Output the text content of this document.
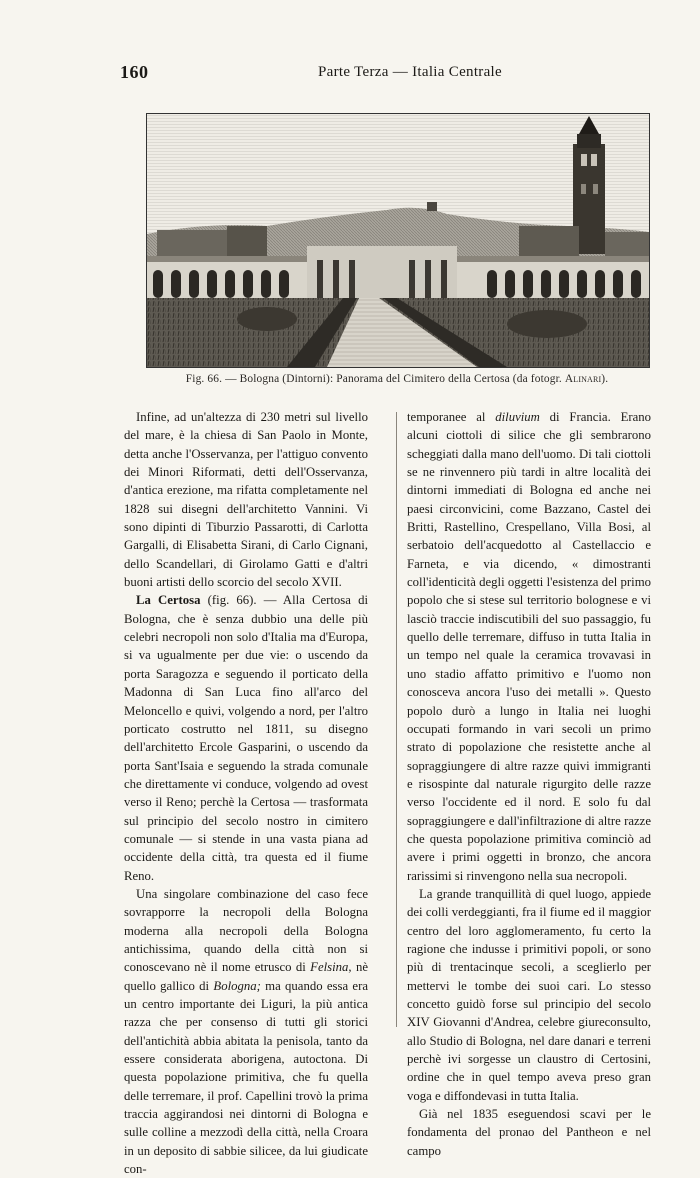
160	Parte Terza — Italia Centrale
Fig. 66. — Bologna (Dintorni): Panorama del Cimitero della Certosa (da fotogr. Alinari).

Infine, ad un'altezza di 230 metri sul livello del mare, è la chiesa di San Paolo in Monte, detta anche l'Osservanza, per l'attiguo convento dei Minori Riformati, detti dell'Osservanza, d'antica erezione, ma rifatta completamente nel 1828 sui disegni dell'architetto Vannini. Vi sono dipinti di Tiburzio Passarotti, di Carlotta Gargalli, di Elisabetta Sirani, di Carlo Cignani, dello Scandellari, di Girolamo Gatti e d'altri buoni artisti dello scorcio del secolo XVII.

La Certosa (fig. 66). — Alla Certosa di Bologna, che è senza dubbio una delle più celebri necropoli non solo d'Italia ma d'Europa, si va ugualmente per due vie: o uscendo da porta Saragozza e seguendo il porticato della Madonna di San Luca fino all'arco del Meloncello e quivi, volgendo a nord, per l'altro porticato costrutto nel 1811, su disegno dell'architetto Ercole Gasparini, o uscendo da porta Sant'Isaia e seguendo la strada comunale che direttamente vi conduce, volgendo ad ovest verso il Reno; perchè la Certosa — trasformata sul principio del secolo nostro in cimitero comunale — si stende in una vasta piana ad occidente della città, tra questa ed il fiume Reno.

Una singolare combinazione del caso fece sovrapporre la necropoli della Bologna moderna alla necropoli della Bologna antichissima, quando della città non si conoscevano nè il nome etrusco di Felsina, nè quello gallico di Bologna; ma quando essa era un centro importante dei Liguri, la più antica razza che per consenso di tutti gli storici dell'antichità abbia abitata la penisola, tanto da essere considerata aborigena, autoctona. Di questa popolazione primitiva, che fu quella delle terremare, il prof. Capellini trovò la prima traccia aggirandosi nei dintorni di Bologna e sulle colline a mezzodì della città, nella Croara in un deposito di sabbie silicee, da lui giudicate con-

temporanee al diluvium di Francia. Erano alcuni ciottoli di silice che gli sembrarono scheggiati dalla mano dell'uomo. Di tali ciottoli se ne rinvennero più tardi in altre località dei dintorni immediati di Bologna ed anche nei paesi circonvicini, come Bazzano, Castel dei Britti, Rastellino, Crespellano, Villa Bosi, al serbatoio dell'acquedotto al Castellaccio e Farneta, e via dicendo, « dimostranti coll'identicità degli oggetti l'esistenza del primo popolo che si stese sul territorio bolognese e vi lasciò traccie indiscutibili del suo passaggio, fu quello delle terremare, diffuso in tutta Italia in un tempo nel quale la ceramica trovavasi in uno stadio affatto primitivo e l'uomo non conosceva ancora l'uso dei metalli ». Questo popolo durò a lungo in Italia nei luoghi occupati formando in vari secoli un primo strato di popolazione che resistette anche al sopraggiungere di altre razze quivi immigranti e risospinte dal naturale rigurgito delle razze verso l'occidente ed il nord. E solo fu dal sopraggiungere e dall'infiltrazione di altre razze che questa popolazione primitiva cominciò ad avere i primi oggetti in bronzo, che ancora rarissimi si rinvengono nella sua necropoli.

La grande tranquillità di quel luogo, appiede dei colli verdeggianti, fra il fiume ed il maggior centro del loro agglomeramento, fu certo la ragione che indusse i primitivi popoli, or sono più di trentacinque secoli, a sceglierlo per mettervi le tombe dei suoi cari. Lo stesso concetto guidò forse sul principio del secolo XIV Giovanni d'Andrea, celebre giureconsulto, allo Studio di Bologna, nel dare danari e terreni perchè ivi sorgesse un claustro di Certosini, ordine che in quel tempo aveva preso gran voga e diffondevasi in tutta Italia.

Già nel 1835 eseguendosi scavi per le fondamenta del pronao del Pantheon e nel campo
